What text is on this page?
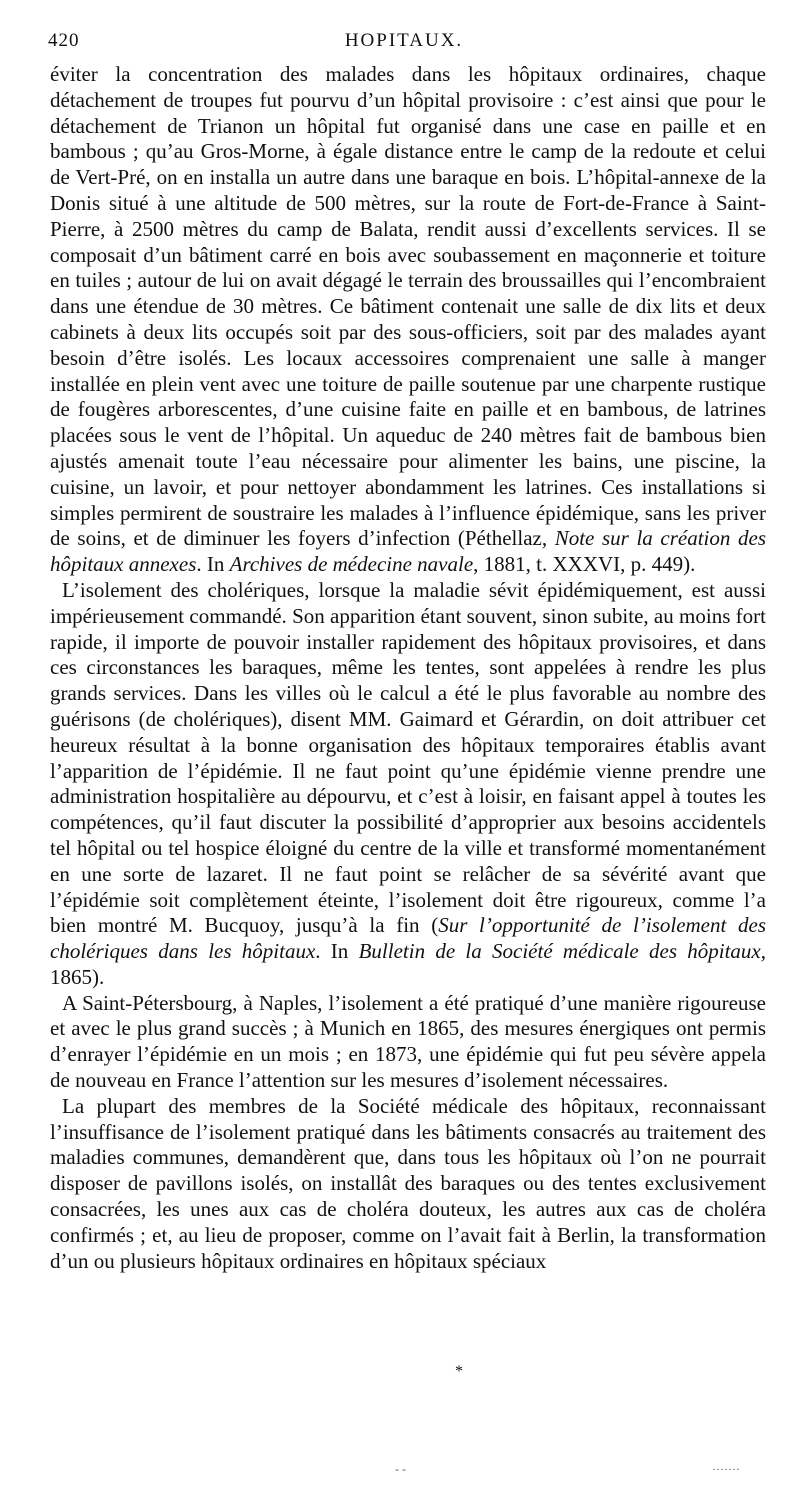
420	HOPITAUX.

éviter la concentration des malades dans les hôpitaux ordinaires, chaque détachement de troupes fut pourvu d’un hôpital provisoire : c’est ainsi que pour le détachement de Trianon un hôpital fut organisé dans une case en paille et en bambous ; qu’au Gros-Morne, à égale distance entre le camp de la redoute et celui de Vert-Pré, on en installa un autre dans une baraque en bois. L’hôpital-annexe de la Donis situé à une altitude de 500 mètres, sur la route de Fort-de-France à Saint-Pierre, à 2500 mètres du camp de Balata, rendit aussi d’excellents services. Il se composait d’un bâtiment carré en bois avec soubassement en maçonnerie et toiture en tuiles ; autour de lui on avait dégagé le terrain des broussailles qui l’encombraient dans une étendue de 30 mètres. Ce bâtiment contenait une salle de dix lits et deux cabinets à deux lits occupés soit par des sous-officiers, soit par des malades ayant besoin d’être isolés. Les locaux accessoires comprenaient une salle à manger installée en plein vent avec une toiture de paille soutenue par une charpente rustique de fougères arborescentes, d’une cuisine faite en paille et en bambous, de latrines placées sous le vent de l’hôpital. Un aqueduc de 240 mètres fait de bambous bien ajustés amenait toute l’eau nécessaire pour alimenter les bains, une piscine, la cuisine, un lavoir, et pour nettoyer abondamment les latrines. Ces installations si simples permirent de soustraire les malades à l’influence épidémique, sans les priver de soins, et de diminuer les foyers d’infection (Péthellaz, Note sur la création des hôpitaux annexes. In Archives de médecine navale, 1881, t. XXXVI, p. 449).

L’isolement des cholériques, lorsque la maladie sévit épidémiquement, est aussi impérieusement commandé. Son apparition étant souvent, sinon subite, au moins fort rapide, il importe de pouvoir installer rapidement des hôpitaux provisoires, et dans ces circonstances les baraques, même les tentes, sont appelées à rendre les plus grands services. Dans les villes où le calcul a été le plus favorable au nombre des guérisons (de cholériques), disent MM. Gaimard et Gérardin, on doit attribuer cet heureux résultat à la bonne organisation des hôpitaux temporaires établis avant l’apparition de l’épidémie. Il ne faut point qu’une épidémie vienne prendre une administration hospitalière au dépourvu, et c’est à loisir, en faisant appel à toutes les compétences, qu’il faut discuter la possibilité d’approprier aux besoins accidentels tel hôpital ou tel hospice éloigné du centre de la ville et transformé momentanément en une sorte de lazaret. Il ne faut point se relâcher de sa sévérité avant que l’épidémie soit complètement éteinte, l’isolement doit être rigoureux, comme l’a bien montré M. Bucquoy, jusqu’à la fin (Sur l’opportunité de l’isolement des cholériques dans les hôpitaux. In Bulletin de la Société médicale des hôpitaux, 1865).

A Saint-Pétersbourg, à Naples, l’isolement a été pratiqué d’une manière rigoureuse et avec le plus grand succès ; à Munich en 1865, des mesures énergiques ont permis d’enrayer l’épidémie en un mois ; en 1873, une épidémie qui fut peu sévère appela de nouveau en France l’attention sur les mesures d’isolement nécessaires.

La plupart des membres de la Société médicale des hôpitaux, reconnaissant l’insuffisance de l’isolement pratiqué dans les bâtiments consacrés au traitement des maladies communes, demandèrent que, dans tous les hôpitaux où l’on ne pourrait disposer de pavillons isolés, on installât des baraques ou des tentes exclusivement consacrées, les unes aux cas de choléra douteux, les autres aux cas de choléra confirmés ; et, au lieu de proposer, comme on l’avait fait à Berlin, la transformation d’un ou plusieurs hôpitaux ordinaires en hôpitaux spéciaux

*
- -	·······
